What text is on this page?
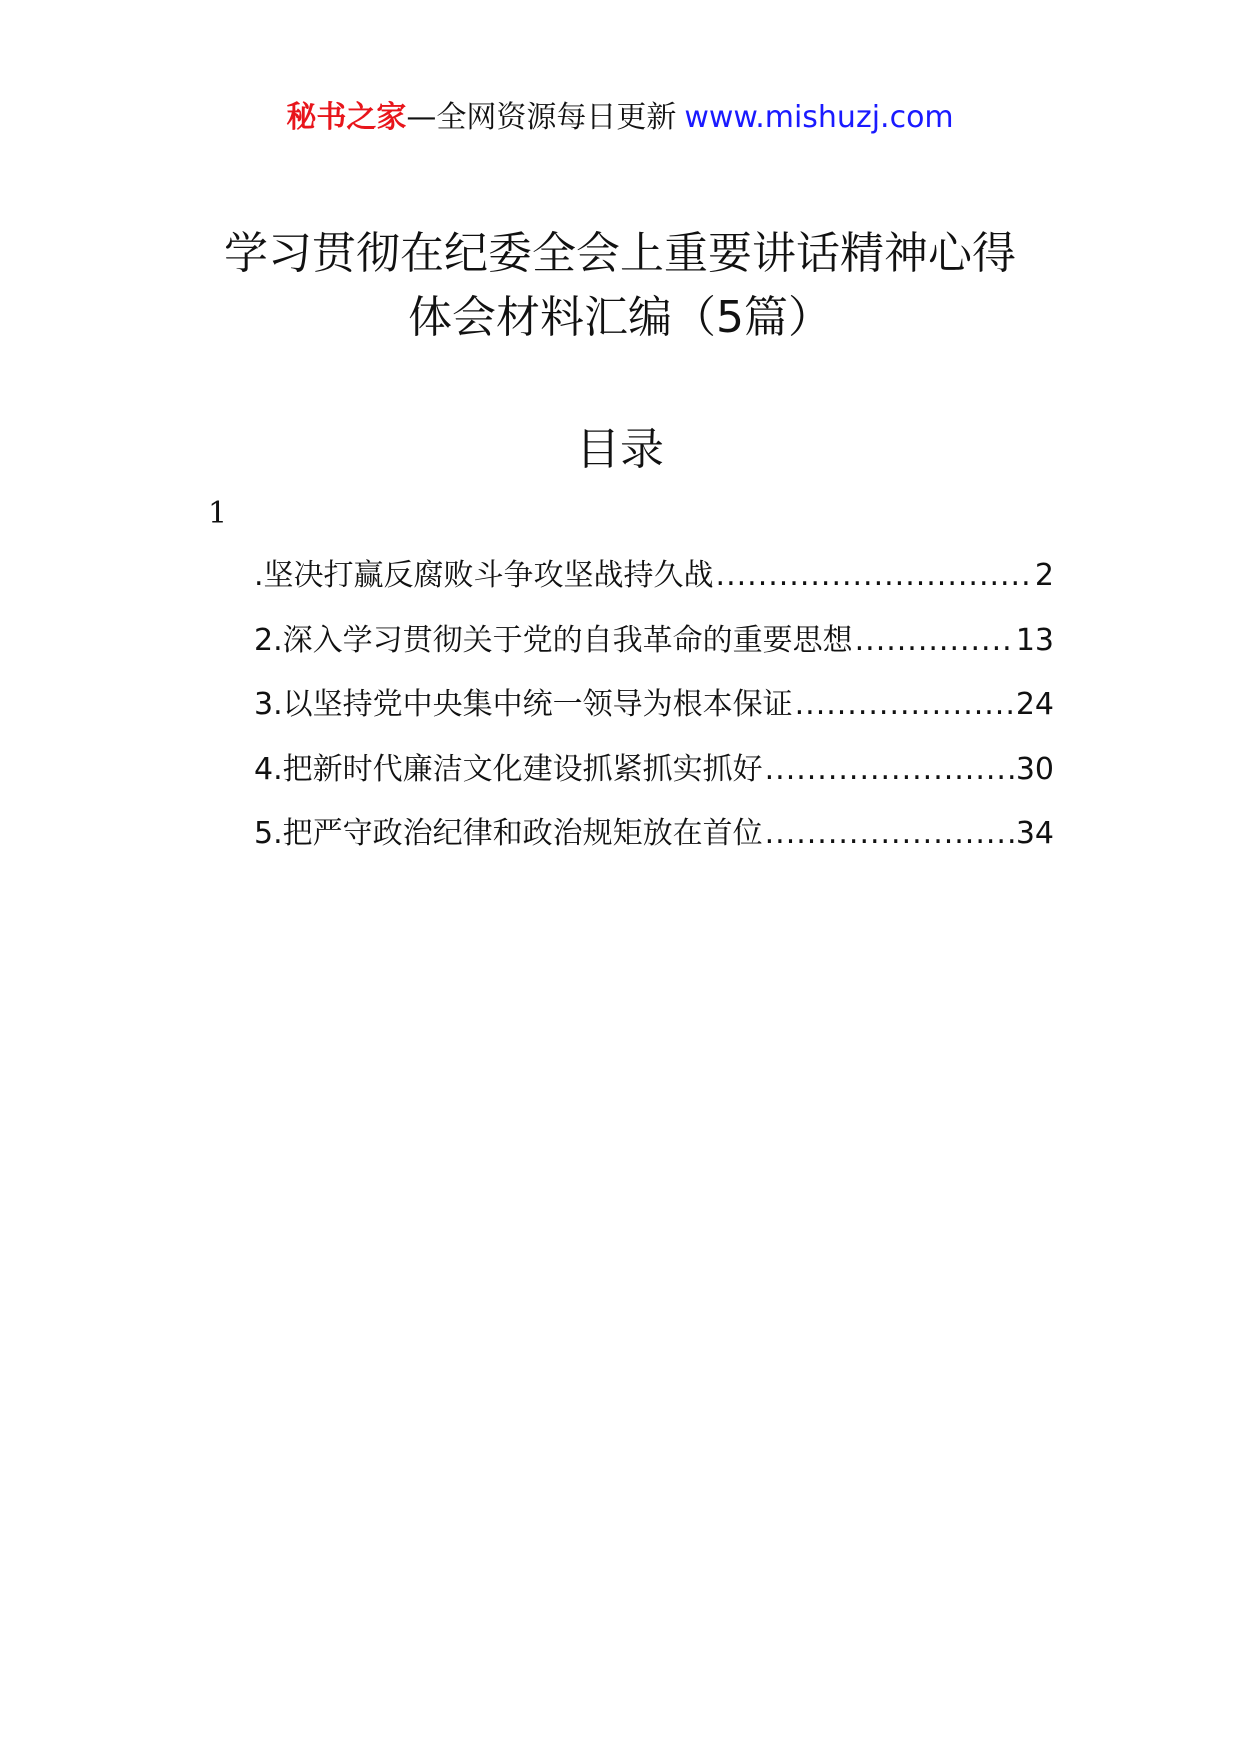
秘书之家—全网资源每日更新 www.mishuzj.com
学习贯彻在纪委全会上重要讲话精神心得
体会材料汇编（5篇）
目录
1
.坚决打赢反腐败斗争攻坚战持久战 .....	2
2.深入学习贯彻关于党的自我革命的重要思想 .....	13
3.以坚持党中央集中统一领导为根本保证 .....	24
4.把新时代廉洁文化建设抓紧抓实抓好 .....	30
5.把严守政治纪律和政治规矩放在首位 .....	34
